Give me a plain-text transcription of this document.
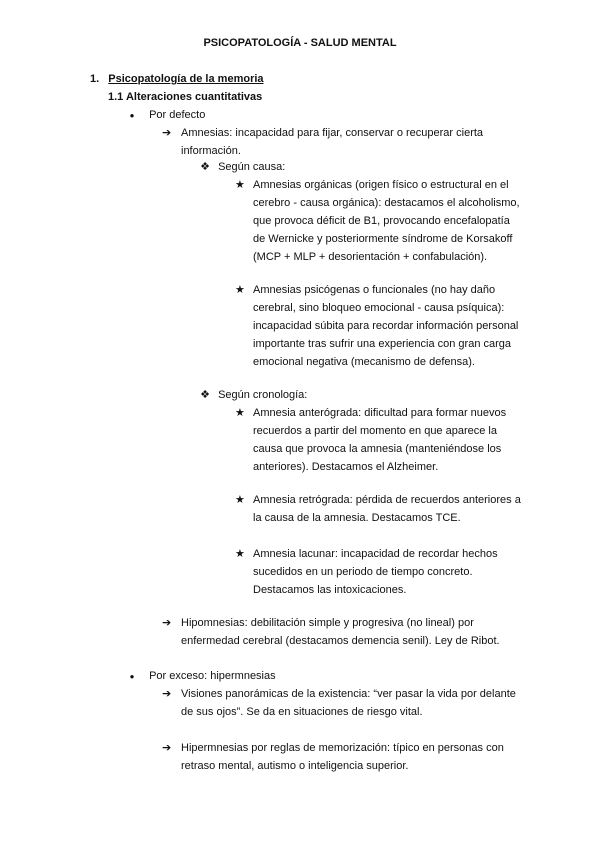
PSICOPATOLOGÍA - SALUD MENTAL
1. Psicopatología de la memoria
1.1 Alteraciones cuantitativas
● Por defecto
➔ Amnesias: incapacidad para fijar, conservar o recuperar cierta
información.
❖ Según causa:
★ Amnesias orgánicas (origen físico o estructural en el
cerebro - causa orgánica): destacamos el alcoholismo,
que provoca déficit de B1, provocando encefalopatía
de Wernicke y posteriormente síndrome de Korsakoff
(MCP + MLP + desorientación + confabulación).
★ Amnesias psicógenas o funcionales (no hay daño
cerebral, sino bloqueo emocional - causa psíquica):
incapacidad súbita para recordar información personal
importante tras sufrir una experiencia con gran carga
emocional negativa (mecanismo de defensa).
❖ Según cronología:
★ Amnesia anterógrada: dificultad para formar nuevos
recuerdos a partir del momento en que aparece la
causa que provoca la amnesia (manteniéndose los
anteriores). Destacamos el Alzheimer.
★ Amnesia retrógrada: pérdida de recuerdos anteriores a
la causa de la amnesia. Destacamos TCE.
★ Amnesia lacunar: incapacidad de recordar hechos
sucedidos en un periodo de tiempo concreto.
Destacamos las intoxicaciones.
➔ Hipomnesias: debilitación simple y progresiva (no lineal) por
enfermedad cerebral (destacamos demencia senil). Ley de Ribot.
● Por exceso: hipermnesias
➔ Visiones panorámicas de la existencia: “ver pasar la vida por delante
de sus ojos”. Se da en situaciones de riesgo vital.
➔ Hipermnesias por reglas de memorización: típico en personas con
retraso mental, autismo o inteligencia superior.
